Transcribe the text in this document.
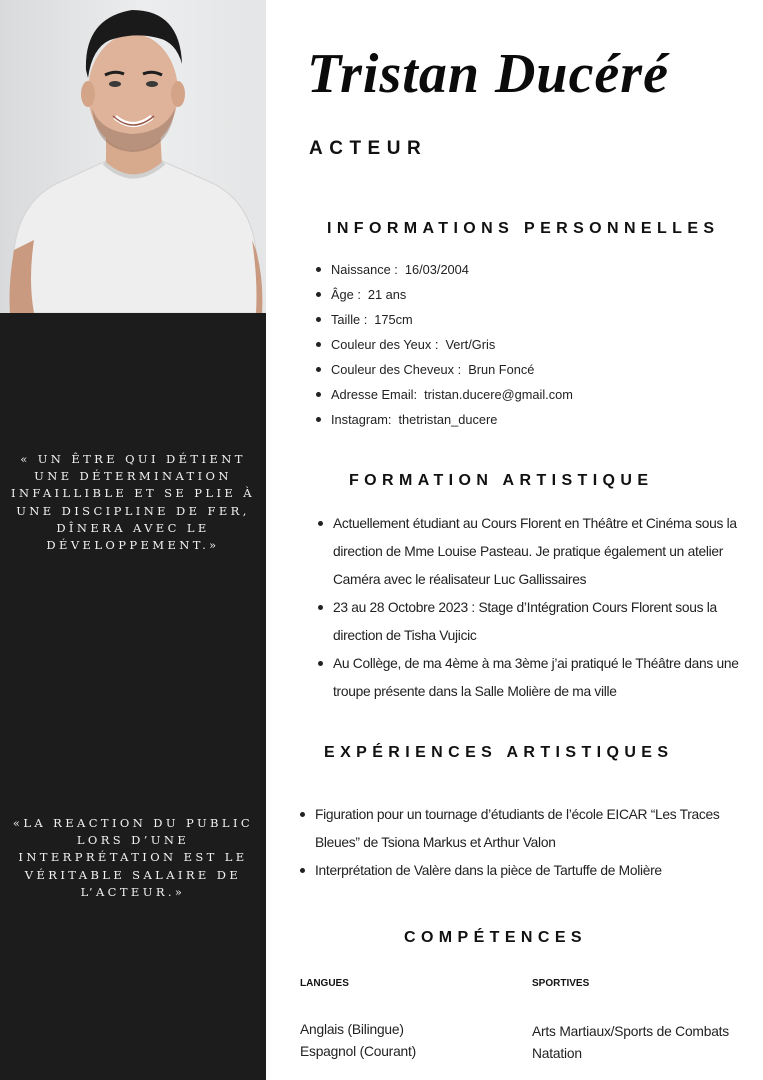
« UN ÊTRE QUI DÉTIENT UNE DÉTERMINATION INFAILLIBLE ET SE PLIE À UNE DISCIPLINE DE FER, DÎNERA AVEC LE DÉVELOPPEMENT.»
«LA REACTION DU PUBLIC LORS D’UNE INTERPRÉTATION EST LE VÉRITABLE SALAIRE DE L’ACTEUR.»
Tristan Ducéré
ACTEUR
INFORMATIONS PERSONNELLES
Naissance : 16/03/2004
Âge : 21 ans
Taille : 175cm
Couleur des Yeux : Vert/Gris
Couleur des Cheveux : Brun Foncé
Adresse Email: tristan.ducere@gmail.com
Instagram: thetristan_ducere
FORMATION ARTISTIQUE
Actuellement étudiant au Cours Florent en Théâtre et Cinéma sous la direction de Mme Louise Pasteau. Je pratique également un atelier Caméra avec le réalisateur Luc Gallissaires
23 au 28 Octobre 2023 : Stage d’Intégration Cours Florent sous la direction de Tisha Vujicic
Au Collège, de ma 4ème à ma 3ème j’ai pratiqué le Théâtre dans une troupe présente dans la Salle Molière de ma ville
EXPÉRIENCES ARTISTIQUES
Figuration pour un tournage d’étudiants de l’école EICAR “Les Traces Bleues” de Tsiona Markus et Arthur Valon
Interprétation de Valère dans la pièce de Tartuffe de Molière
COMPÉTENCES
LANGUES	SPORTIVES
Anglais (Bilingue)
Espagnol (Courant)
Arts Martiaux/Sports de Combats
Natation
